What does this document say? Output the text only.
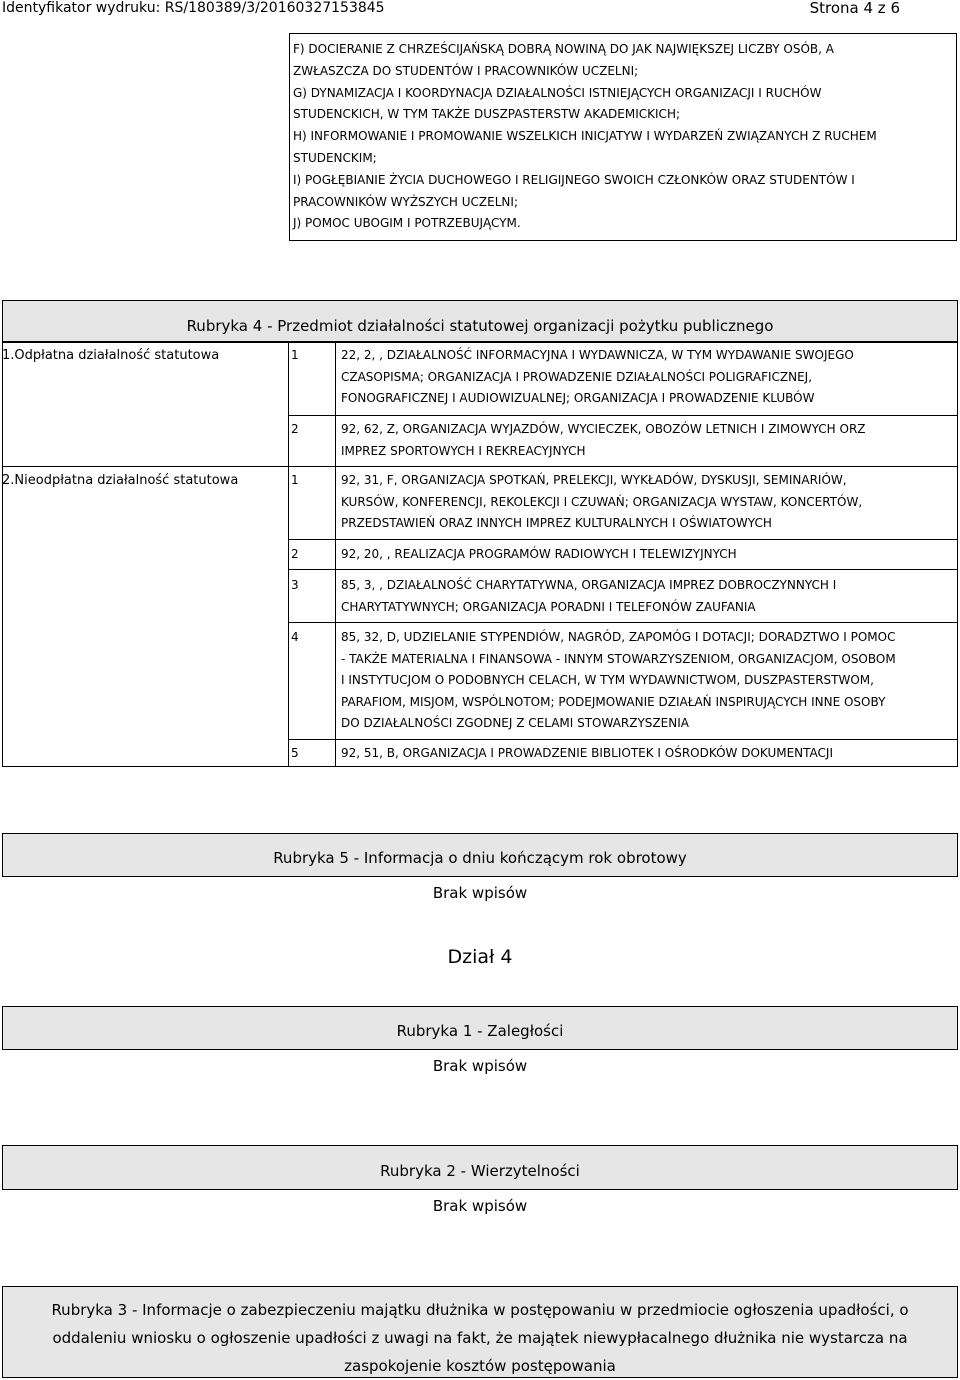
Identyfikator wydruku: RS/180389/3/20160327153845	Strona 4 z 6
F) DOCIERANIE Z CHRZEŚCIJAŃSKĄ DOBRĄ NOWINĄ DO JAK NAJWIĘKSZEJ LICZBY OSÓB, A
ZWŁASZCZA DO STUDENTÓW I PRACOWNIKÓW UCZELNI;
G) DYNAMIZACJA I KOORDYNACJA DZIAŁALNOŚCI ISTNIEJĄCYCH ORGANIZACJI I RUCHÓW
STUDENCKICH, W TYM TAKŻE DUSZPASTERSTW AKADEMICKICH;
H) INFORMOWANIE I PROMOWANIE WSZELKICH INICJATYW I WYDARZEŃ ZWIĄZANYCH Z RUCHEM
STUDENCKIM;
I) POGŁĘBIANIE ŻYCIA DUCHOWEGO I RELIGIJNEGO SWOICH CZŁONKÓW ORAZ STUDENTÓW I
PRACOWNIKÓW WYŻSZYCH UCZELNI;
J) POMOC UBOGIM I POTRZEBUJĄCYM.
Rubryka 4 - Przedmiot działalności statutowej organizacji pożytku publicznego
1.Odpłatna działalność statutowa	1	22, 2, , DZIAŁALNOŚĆ INFORMACYJNA I WYDAWNICZA, W TYM WYDAWANIE SWOJEGO
CZASOPISMA; ORGANIZACJA I PROWADZENIE DZIAŁALNOŚCI POLIGRAFICZNEJ,
FONOGRAFICZNEJ I AUDIOWIZUALNEJ; ORGANIZACJA I PROWADZENIE KLUBÓW
2	92, 62, Z, ORGANIZACJA WYJAZDÓW, WYCIECZEK, OBOZÓW LETNICH I ZIMOWYCH ORZ
IMPREZ SPORTOWYCH I REKREACYJNYCH
2.Nieodpłatna działalność statutowa	1	92, 31, F, ORGANIZACJA SPOTKAŃ, PRELEKCJI, WYKŁADÓW, DYSKUSJI, SEMINARIÓW,
KURSÓW, KONFERENCJI, REKOLEKCJI I CZUWAŃ; ORGANIZACJA WYSTAW, KONCERTÓW,
PRZEDSTAWIEŃ ORAZ INNYCH IMPREZ KULTURALNYCH I OŚWIATOWYCH
2	92, 20, , REALIZACJA PROGRAMÓW RADIOWYCH I TELEWIZYJNYCH
3	85, 3, , DZIAŁALNOŚĆ CHARYTATYWNA, ORGANIZACJA IMPREZ DOBROCZYNNYCH I
CHARYTATYWNYCH; ORGANIZACJA PORADNI I TELEFONÓW ZAUFANIA
4	85, 32, D, UDZIELANIE STYPENDIÓW, NAGRÓD, ZAPOMÓG I DOTACJI; DORADZTWO I POMOC
- TAKŻE MATERIALNA I FINANSOWA - INNYM STOWARZYSZENIOM, ORGANIZACJOM, OSOBOM
I INSTYTUCJOM O PODOBNYCH CELACH, W TYM WYDAWNICTWOM, DUSZPASTERSTWOM,
PARAFIOM, MISJOM, WSPÓLNOTOM; PODEJMOWANIE DZIAŁAŃ INSPIRUJĄCYCH INNE OSOBY
DO DZIAŁALNOŚCI ZGODNEJ Z CELAMI STOWARZYSZENIA
5	92, 51, B, ORGANIZACJA I PROWADZENIE BIBLIOTEK I OŚRODKÓW DOKUMENTACJI
Rubryka 5 - Informacja o dniu kończącym rok obrotowy
Brak wpisów
Dział 4
Rubryka 1 - Zaległości
Brak wpisów
Rubryka 2 - Wierzytelności
Brak wpisów
Rubryka 3 - Informacje o zabezpieczeniu majątku dłużnika w postępowaniu w przedmiocie ogłoszenia upadłości, o
oddaleniu wniosku o ogłoszenie upadłości z uwagi na fakt, że majątek niewypłacalnego dłużnika nie wystarcza na
zaspokojenie kosztów postępowania
